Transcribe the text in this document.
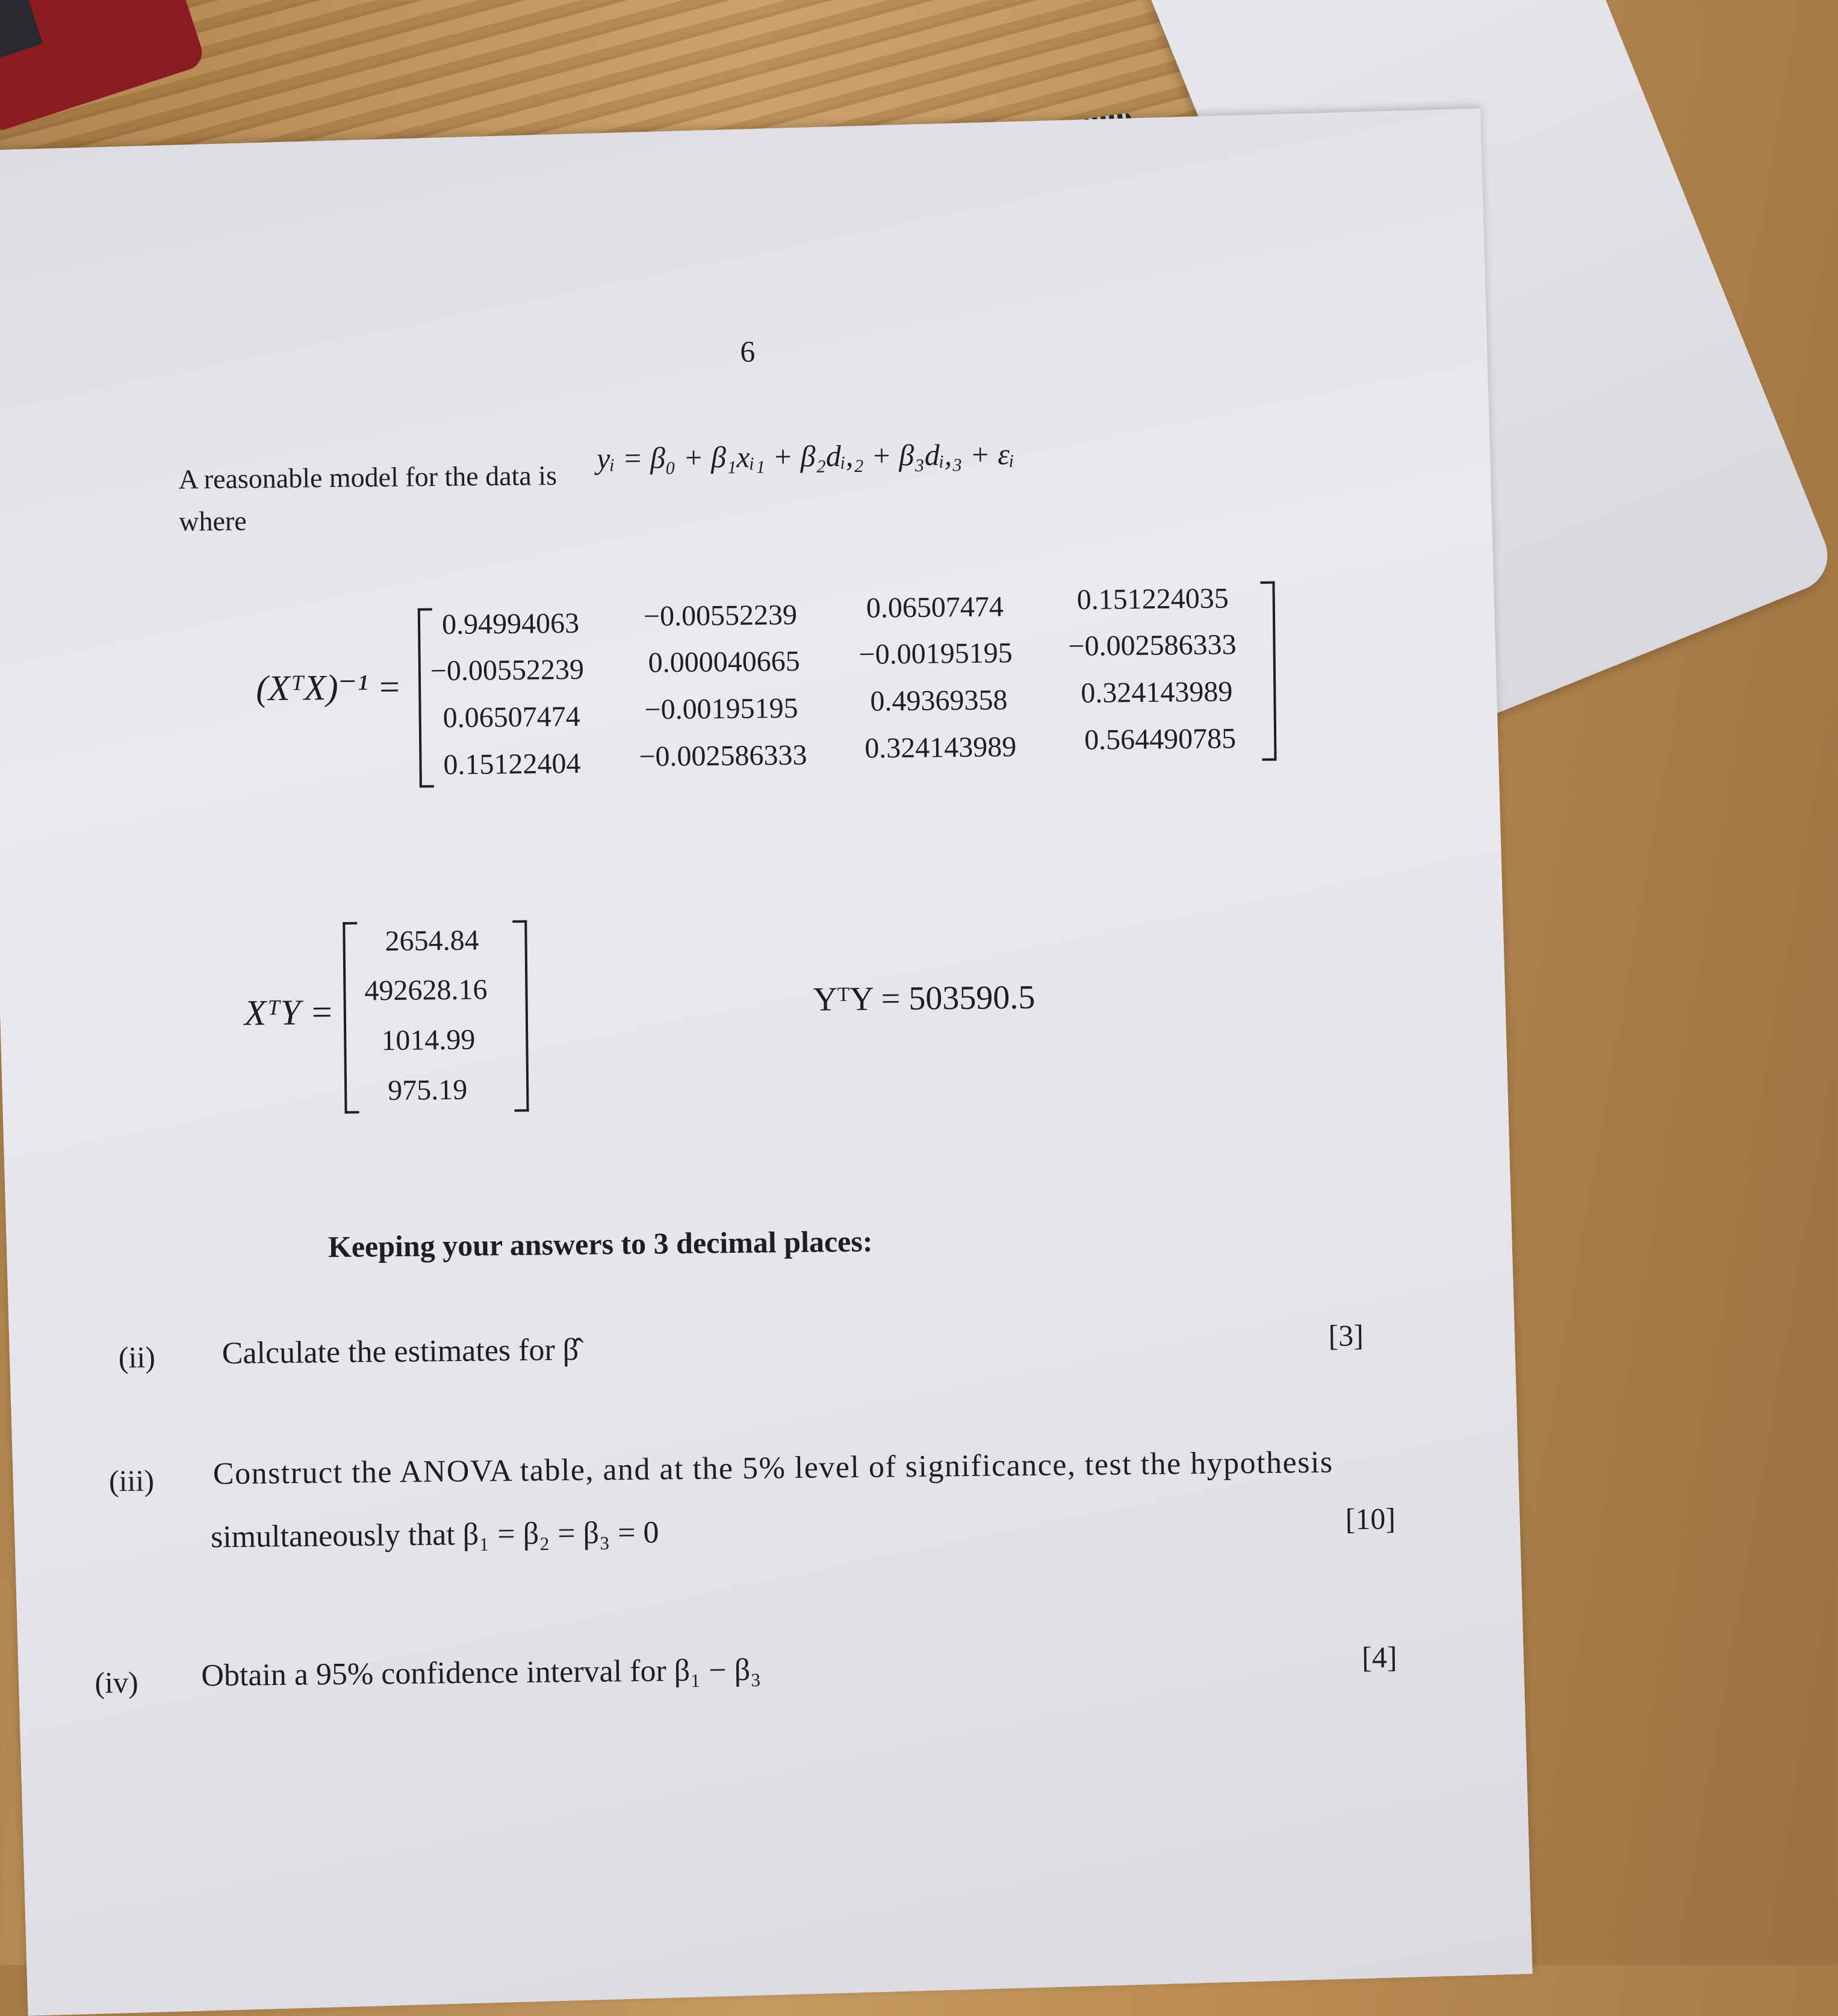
6
A reasonable model for the data is
yᵢ = β₀ + β₁xᵢ₁ + β₂dᵢ,₂ + β₃dᵢ,₃ + εᵢ
where
(XᵀX)⁻¹ =
0.94994063 −0.00552239 0.06507474	0.151224035
−0.00552239 0.000040665 −0.00195195 −0.002586333
0.06507474 −0.00195195 0.49369358	0.324143989
0.15122404 −0.002586333 0.324143989 0.564490785
XᵀY =
2654.84
492628.16
1014.99
975.19
YᵀY = 503590.5
Keeping your answers to 3 decimal places:
(ii) Calculate the estimates for β̂	[3]
(iii) Construct the ANOVA table, and at the 5% level of significance, test the hypothesis
simultaneously that β₁ = β₂ = β₃ = 0	[10]
(iv) Obtain a 95% confidence interval for β₁ − β₃	[4]
